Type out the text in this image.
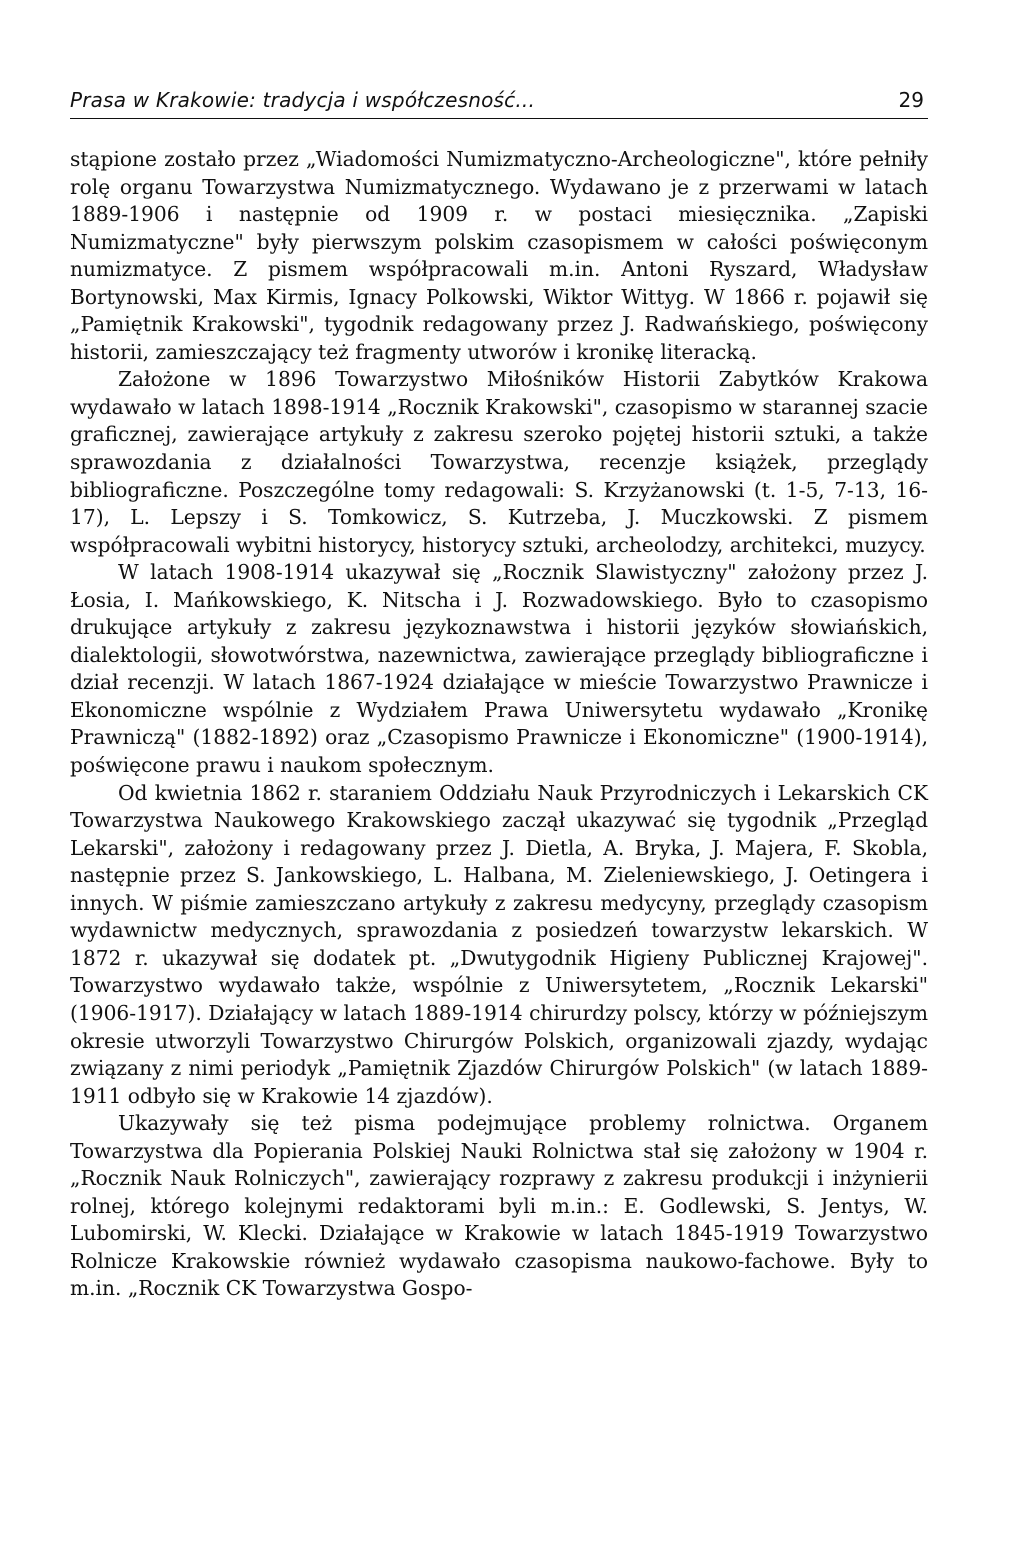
Prasa w Krakowie: tradycja i współczesność...	29

stąpione zostało przez „Wiadomości Numizmatyczno-Archeologiczne", które pełniły rolę organu Towarzystwa Numizmatycznego. Wydawano je z przerwami w latach 1889-1906 i następnie od 1909 r. w postaci miesięcznika. „Zapiski Numizmatyczne" były pierwszym polskim czasopismem w całości poświęconym numizmatyce. Z pismem współpracowali m.in. Antoni Ryszard, Władysław Bortynowski, Max Kirmis, Ignacy Polkowski, Wiktor Wittyg. W 1866 r. pojawił się „Pamiętnik Krakowski", tygodnik redagowany przez J. Radwańskiego, poświęcony historii, zamieszczający też fragmenty utworów i kronikę literacką.

Założone w 1896 Towarzystwo Miłośników Historii Zabytków Krakowa wydawało w latach 1898-1914 „Rocznik Krakowski", czasopismo w starannej szacie graficznej, zawierające artykuły z zakresu szeroko pojętej historii sztuki, a także sprawozdania z działalności Towarzystwa, recenzje książek, przeglądy bibliograficzne. Poszczególne tomy redagowali: S. Krzyżanowski (t. 1-5, 7-13, 16-17), L. Lepszy i S. Tomkowicz, S. Kutrzeba, J. Muczkowski. Z pismem współpracowali wybitni historycy, historycy sztuki, archeolodzy, architekci, muzycy.

W latach 1908-1914 ukazywał się „Rocznik Slawistyczny" założony przez J. Łosia, I. Mańkowskiego, K. Nitscha i J. Rozwadowskiego. Było to czasopismo drukujące artykuły z zakresu językoznawstwa i historii języków słowiańskich, dialektologii, słowotwórstwa, nazewnictwa, zawierające przeglądy bibliograficzne i dział recenzji. W latach 1867-1924 działające w mieście Towarzystwo Prawnicze i Ekonomiczne wspólnie z Wydziałem Prawa Uniwersytetu wydawało „Kronikę Prawniczą" (1882-1892) oraz „Czasopismo Prawnicze i Ekonomiczne" (1900-1914), poświęcone prawu i naukom społecznym.

Od kwietnia 1862 r. staraniem Oddziału Nauk Przyrodniczych i Lekarskich CK Towarzystwa Naukowego Krakowskiego zaczął ukazywać się tygodnik „Przegląd Lekarski", założony i redagowany przez J. Dietla, A. Bryka, J. Majera, F. Skobla, następnie przez S. Jankowskiego, L. Halbana, M. Zieleniewskiego, J. Oetingera i innych. W piśmie zamieszczano artykuły z zakresu medycyny, przeglądy czasopism wydawnictw medycznych, sprawozdania z posiedzeń towarzystw lekarskich. W 1872 r. ukazywał się dodatek pt. „Dwutygodnik Higieny Publicznej Krajowej". Towarzystwo wydawało także, wspólnie z Uniwersytetem, „Rocznik Lekarski" (1906-1917). Działający w latach 1889-1914 chirurdzy polscy, którzy w późniejszym okresie utworzyli Towarzystwo Chirurgów Polskich, organizowali zjazdy, wydając związany z nimi periodyk „Pamiętnik Zjazdów Chirurgów Polskich" (w latach 1889-1911 odbyło się w Krakowie 14 zjazdów).

Ukazywały się też pisma podejmujące problemy rolnictwa. Organem Towarzystwa dla Popierania Polskiej Nauki Rolnictwa stał się założony w 1904 r. „Rocznik Nauk Rolniczych", zawierający rozprawy z zakresu produkcji i inżynierii rolnej, którego kolejnymi redaktorami byli m.in.: E. Godlewski, S. Jentys, W. Lubomirski, W. Klecki. Działające w Krakowie w latach 1845-1919 Towarzystwo Rolnicze Krakowskie również wydawało czasopisma naukowo-fachowe. Były to m.in. „Rocznik CK Towarzystwa Gospo-
